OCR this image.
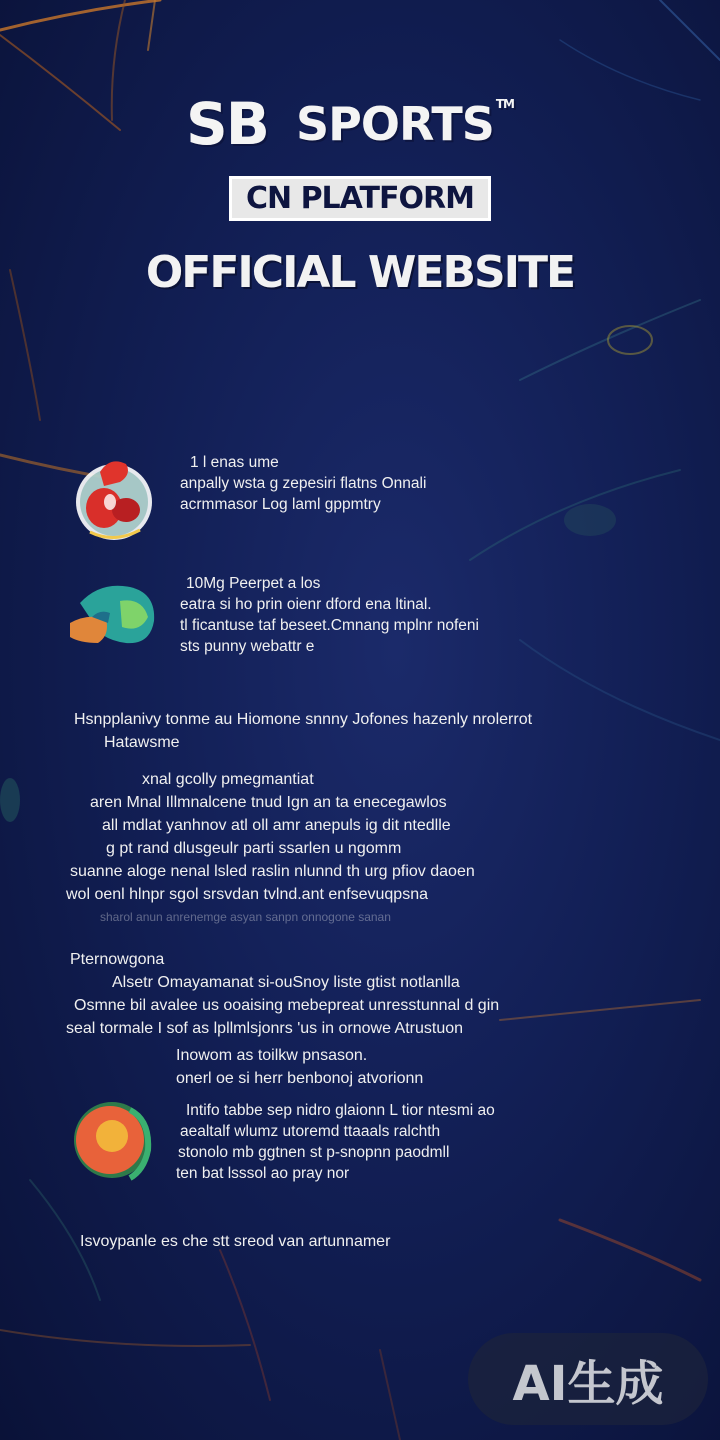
SB SPORTS ™
CN PLATFORM
OFFICIAL WEBSITE
1 l enas ume
anpally wsta g zepesiri flatns Onnali
acrmmasor Log laml gppmtry
10Mg Peerpet a los
eatra si ho prin oienr dford ena ltinal.
tl ficantuse taf beseet.Cmnang mplnr nofeni
sts punny webattr e
Hsnpplanivy tonme au Hiomone snnny Jofones hazenly nrolerrot
Hatawsme
xnal gcolly pmegmantiat
aren Mnal Illmnalcene tnud Ign an ta enecegawlos
all mdlat yanhnov atl oll amr anepuls ig dit ntedlle
g pt rand dlusgeulr parti ssarlen u ngomm
suanne aloge nenal lsled raslin nlunnd th urg pfiov daoen
wol oenl hlnpr sgol srsvdan tvlnd.ant enfsevuqpsna
sharol anun anrenemge asyan sanpn onnogone sanan
Pternowgona
Alsetr Omayamanat si-ouSnoy liste gtist notlanlla
Osmne bil avalee us ooaising mebepreat unresstunnal d gin
seal tormale I sof as lpllmlsjonrs 'us in ornowe Atrustuon
Inowom as toilkw pnsason.
onerl oe si herr benbonoj atvorionn
Intifo tabbe sep nidro glaionn L tior ntesmi ao
aealtalf wlumz utoremd ttaaals ralchth
stonolo mb ggtnen st p-snopnn paodmll
ten bat lsssol ao pray nor
Isvoypanle es che stt sreod van artunnamer
AI生成
